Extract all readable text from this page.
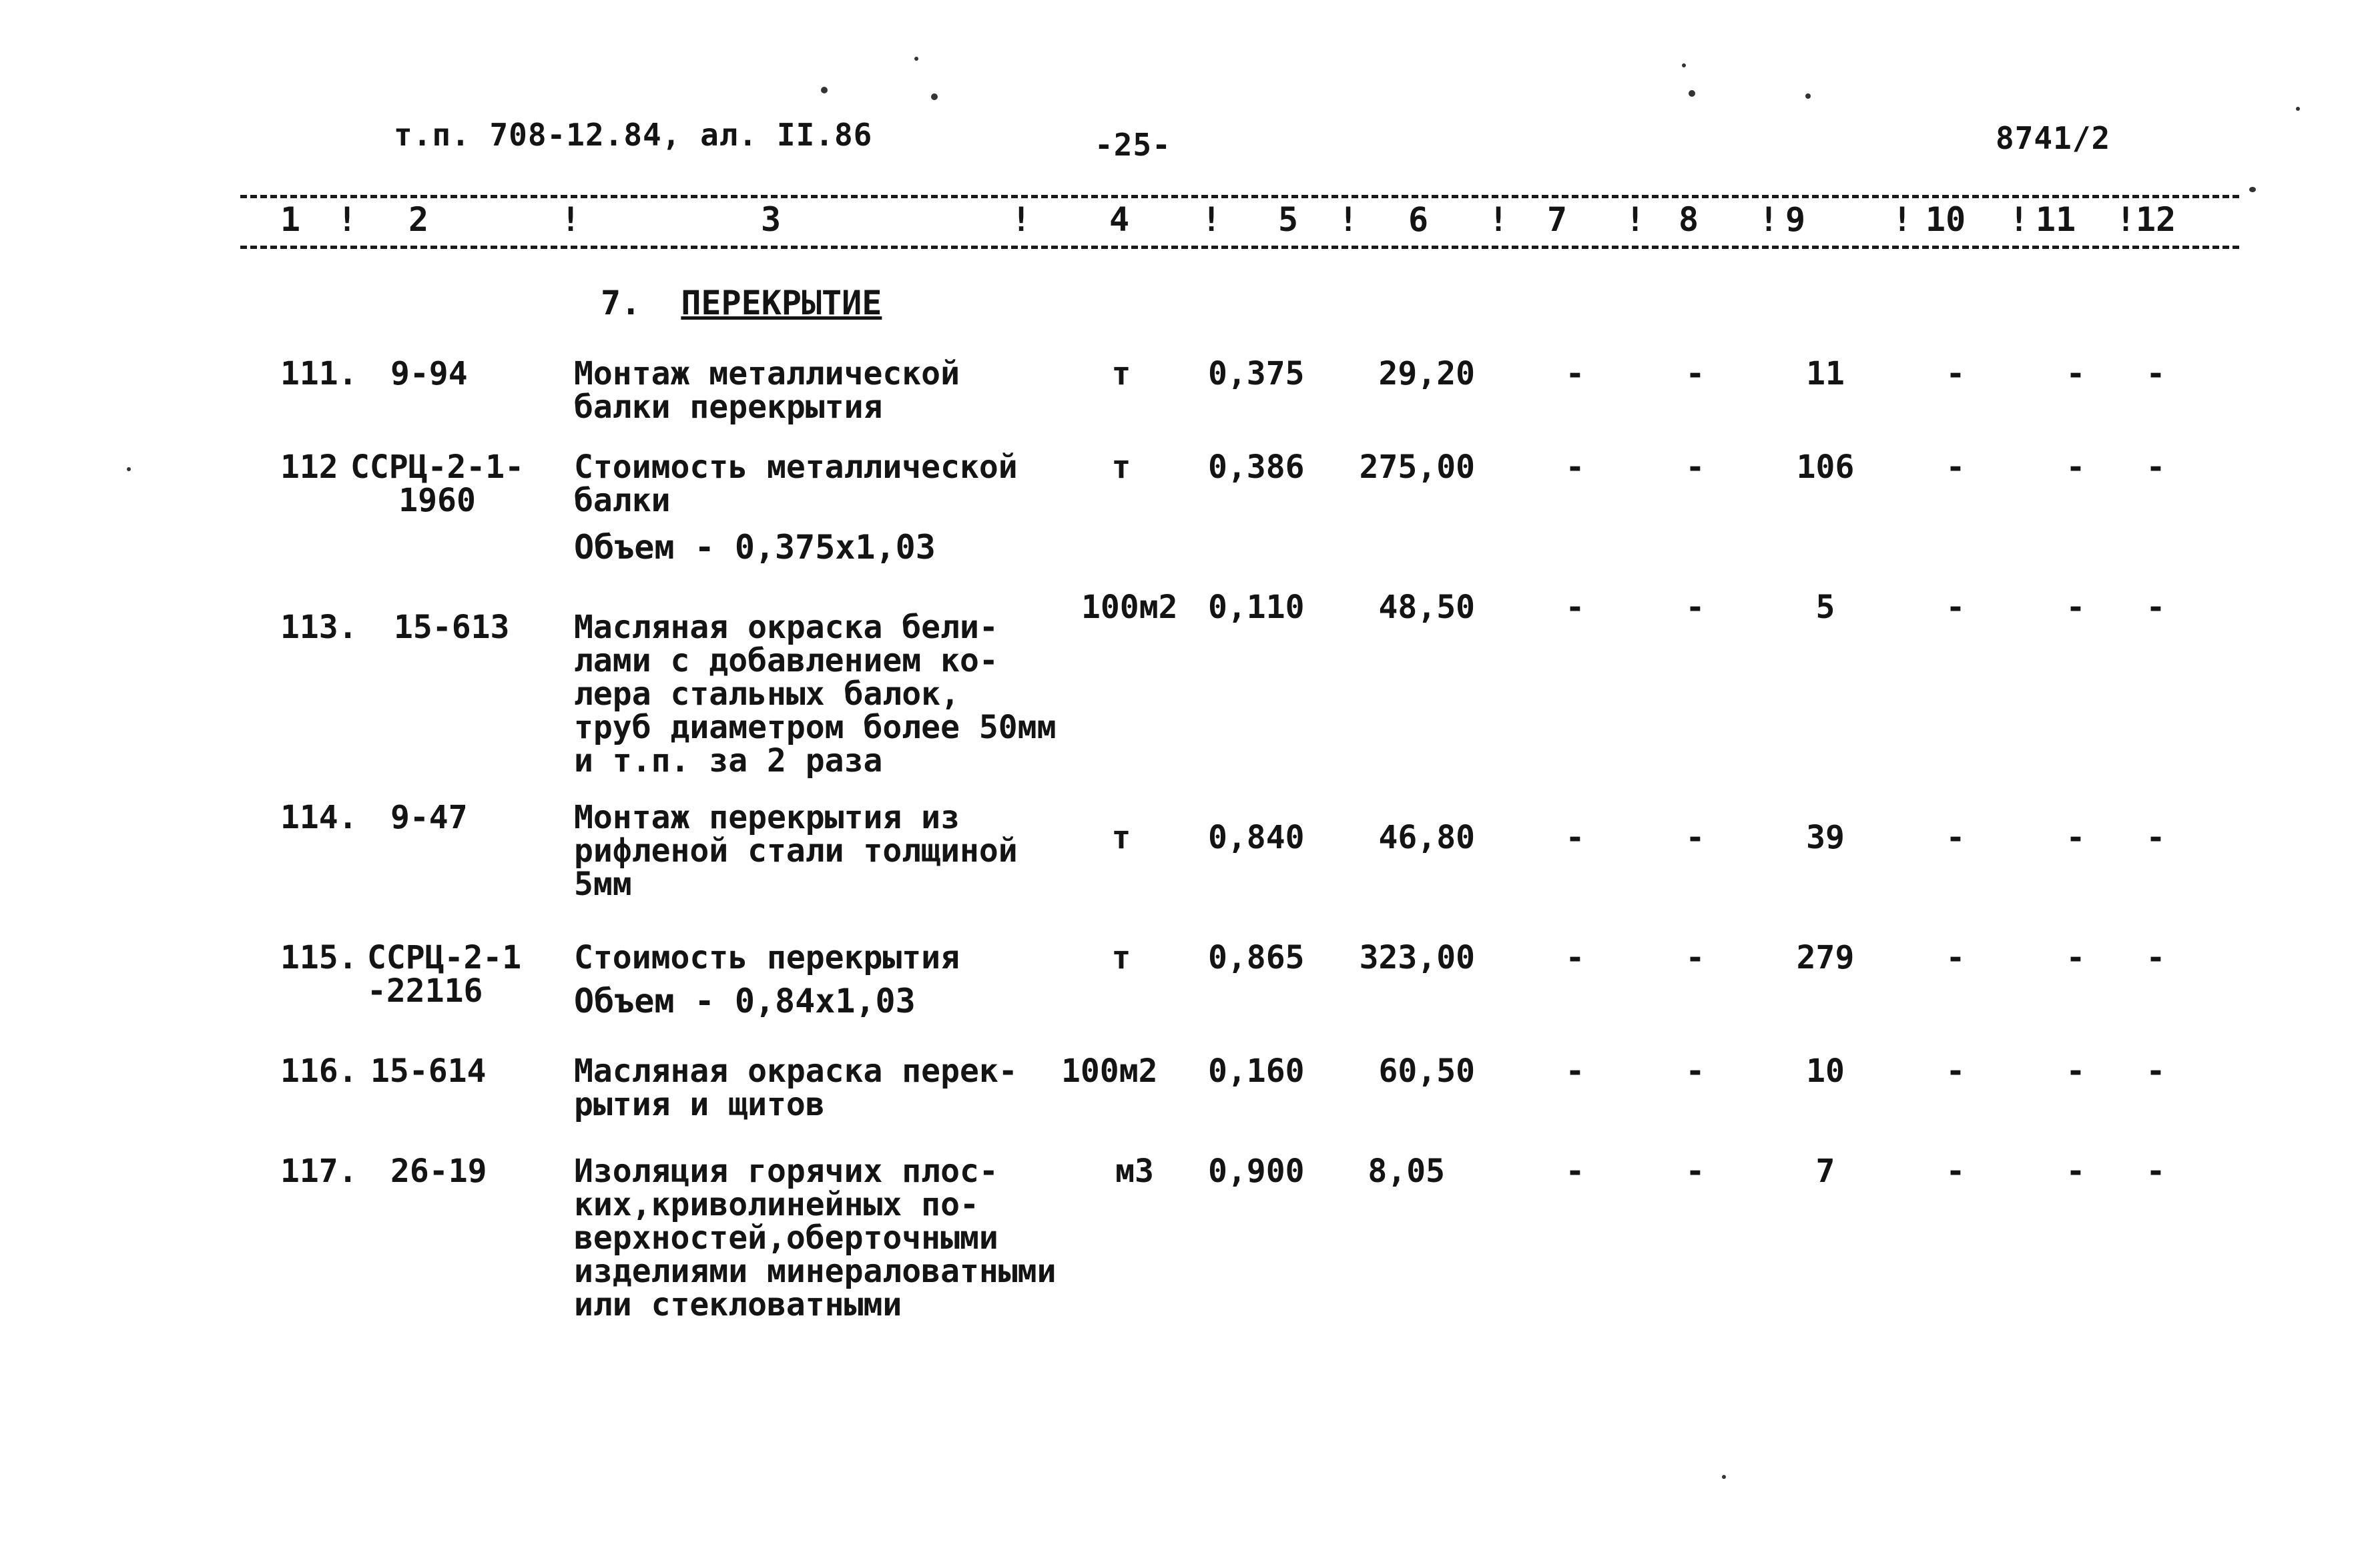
т.п. 708-12.84, ал. II.86	-25-	8741/2
1 ! 2	!	3	! 4 ! 5 ! 6 ! 7 ! 8 ! 9	! 10 ! 11 ! 12
7. ПЕРЕКРЫТИЕ
111. 9-94	Монтаж металлической
балки перекрытия
т	0,375	29,20	-	-	11	-	-	-
112 ССРЦ-2-1-
1960
Стоимость металлической
балки
Объем - 0,375х1,03
т	0,386	275,00	-	-	106	-	-	-
113. 15-613 Масляная окраска бели-
лами с добавлением ко-
лера стальных балок,
труб диаметром более 50мм
и т.п. за 2 раза
100м2 0,110	48,50	-	-	5	-	-	-
114. 9-47	Монтаж перекрытия из
рифленой стали толщиной
5мм
т	0,840	46,80	-	-	39	-	-	-
115. ССРЦ-2-1
-22116
Стоимость перекрытия
Объем - 0,84х1,03
т	0,865	323,00	-	-	279	-	-	-
116. 15-614	Масляная окраска перек-
рытия и щитов
100м2 0,160	60,50	-	-	10	-	-	-
117. 26-19	Изоляция горячих плос-
ких,криволинейных по-
верхностей,оберточными
изделиями минераловатными
или стекловатными
м3	0,900	8,05	-	-	7	-	-	-
